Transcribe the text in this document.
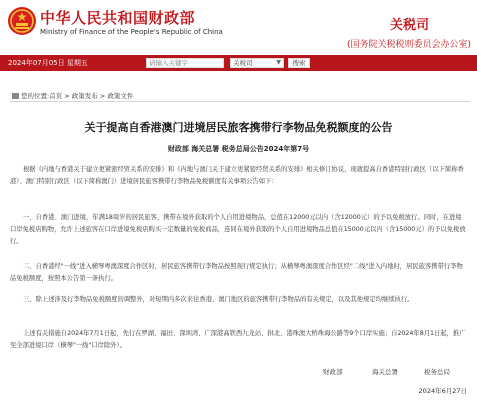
中华人民共和国财政部
Ministry of Finance of the People's Republic of China	关税司
(国务院关税税则委员会办公室)
2024年07月05日 星期五
请输入关键字	关税司	▼	搜索
您的位置:首页 > 政策发布 > 政策文件
关于提高自香港澳门进境居民旅客携带行李物品免税额度的公告
财政部 海关总署 税务总局公告2024年第7号

根据《内地与香港关于建立更紧密经贸关系的安排》和《内地与澳门关于建立更紧密经贸关系的安排》相关修订协议，现就提高自香港特别行政区（以下简称香港）、澳门特别行政区（以下简称澳门）进境居民旅客携带行李物品免税额度有关事项公告如下：

一、自香港、澳门进境，年满18周岁的居民旅客，携带在境外获取的个人自用进境物品，总值在12000元以内（含12000元）的予以免税放行。同时，在进境口岸免税店购物，允许上述旅客在口岸进境免税店购买一定数量的免税商品，连同在境外获取的个人自用进境物品总值在15000元以内（含15000元）的予以免税放行。

二、自香港经"一线"进入横琴粤澳深度合作区时，居民旅客携带行李物品按照现行规定执行；从横琴粤澳深度合作区经"二线"进入内地时，居民旅客携带行李物品免税额度，按照本公告第一条执行。

三、除上述涉及行李物品免税额度的调整外，对短期内多次来往香港、澳门地区的旅客携带行李物品的有关规定，以及其他规定均继续执行。

上述有关措施自2024年7月1日起，先行在罗湖、福田、深圳湾、广深港高铁西九龙站、拱北、港珠澳大桥珠海公路等9个口岸实施；自2024年8月1日起，推广至全部进境口岸（横琴"一线"口岸除外）。

财政部	海关总署	税务总局
2024年6月27日
